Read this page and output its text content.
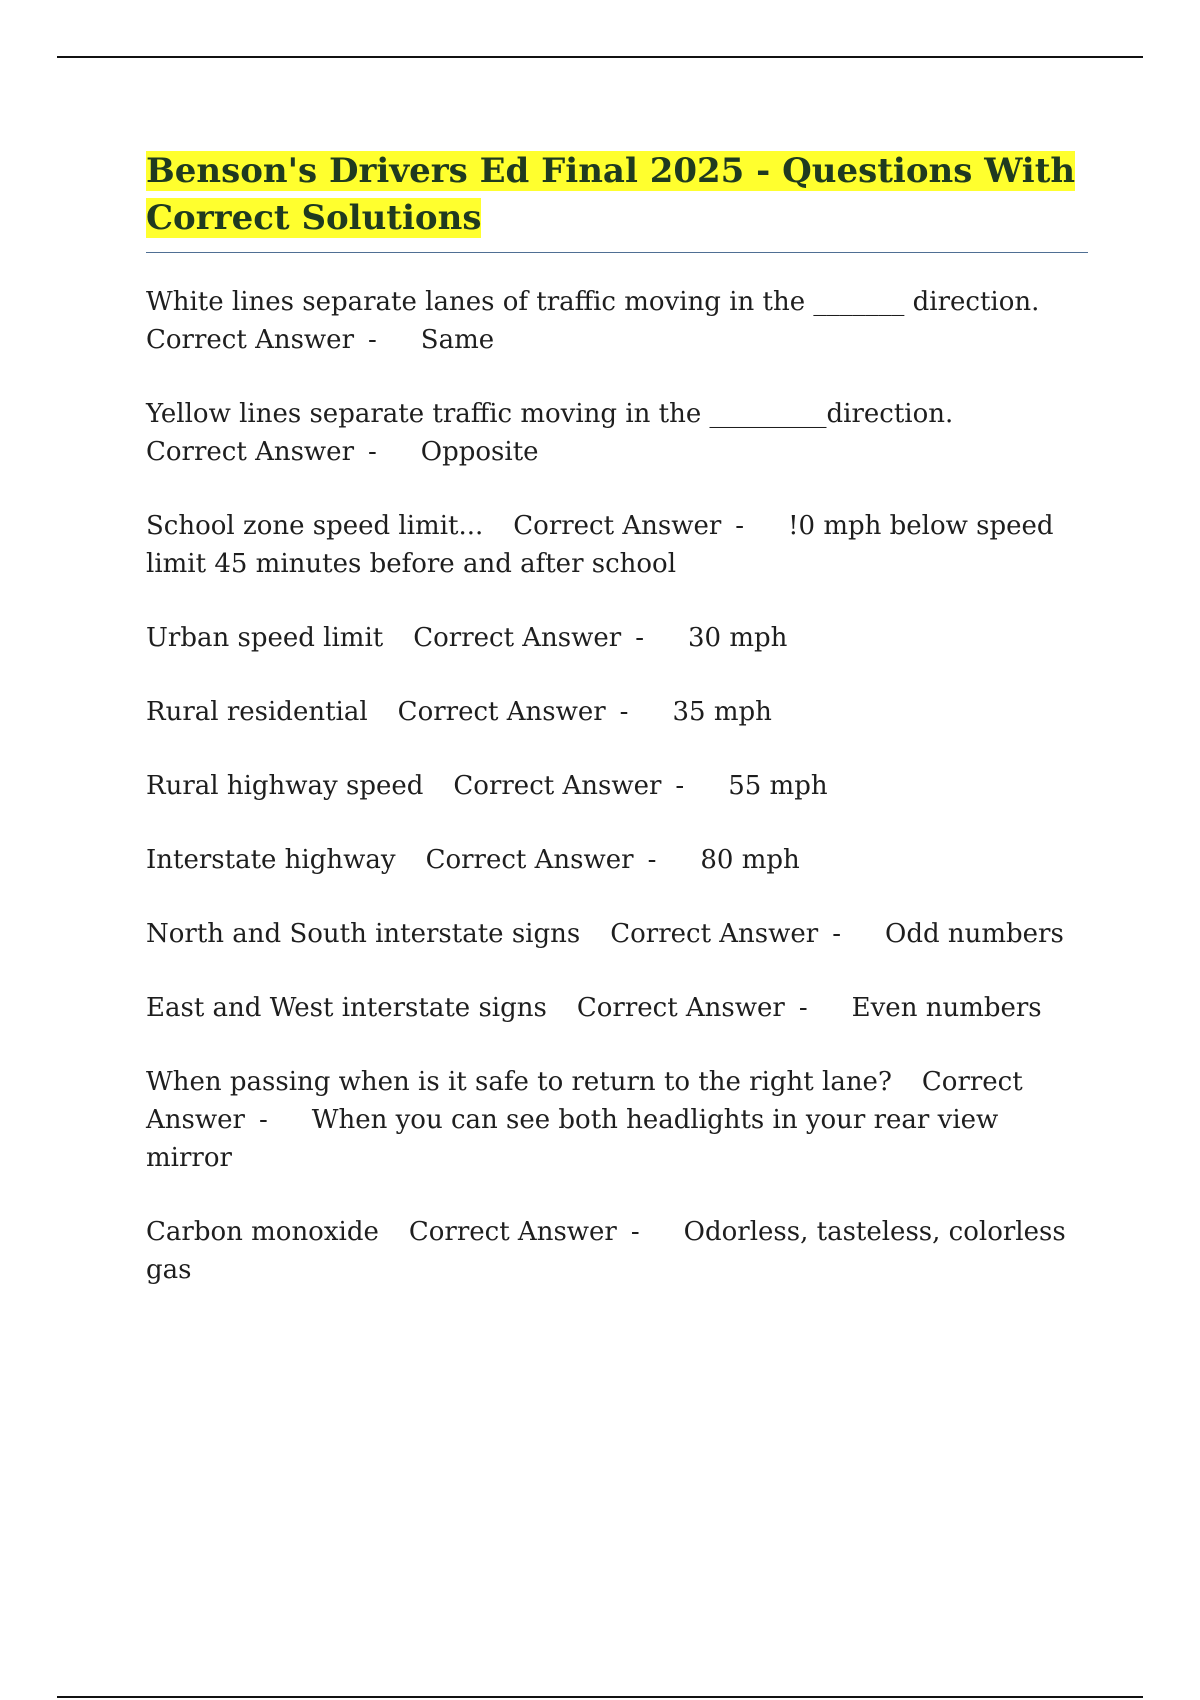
Benson's Drivers Ed Final 2025 - Questions With Correct Solutions

White lines separate lanes of traffic moving in the _______ direction.
Correct Answer - Same

Yellow lines separate traffic moving in the _________direction.
Correct Answer - Opposite

School zone speed limit... Correct Answer - !0 mph below speed limit 45 minutes before and after school

Urban speed limit Correct Answer - 30 mph

Rural residential Correct Answer - 35 mph

Rural highway speed Correct Answer - 55 mph

Interstate highway Correct Answer - 80 mph

North and South interstate signs Correct Answer - Odd numbers

East and West interstate signs Correct Answer - Even numbers

When passing when is it safe to return to the right lane? Correct Answer - When you can see both headlights in your rear view mirror

Carbon monoxide Correct Answer - Odorless, tasteless, colorless gas
